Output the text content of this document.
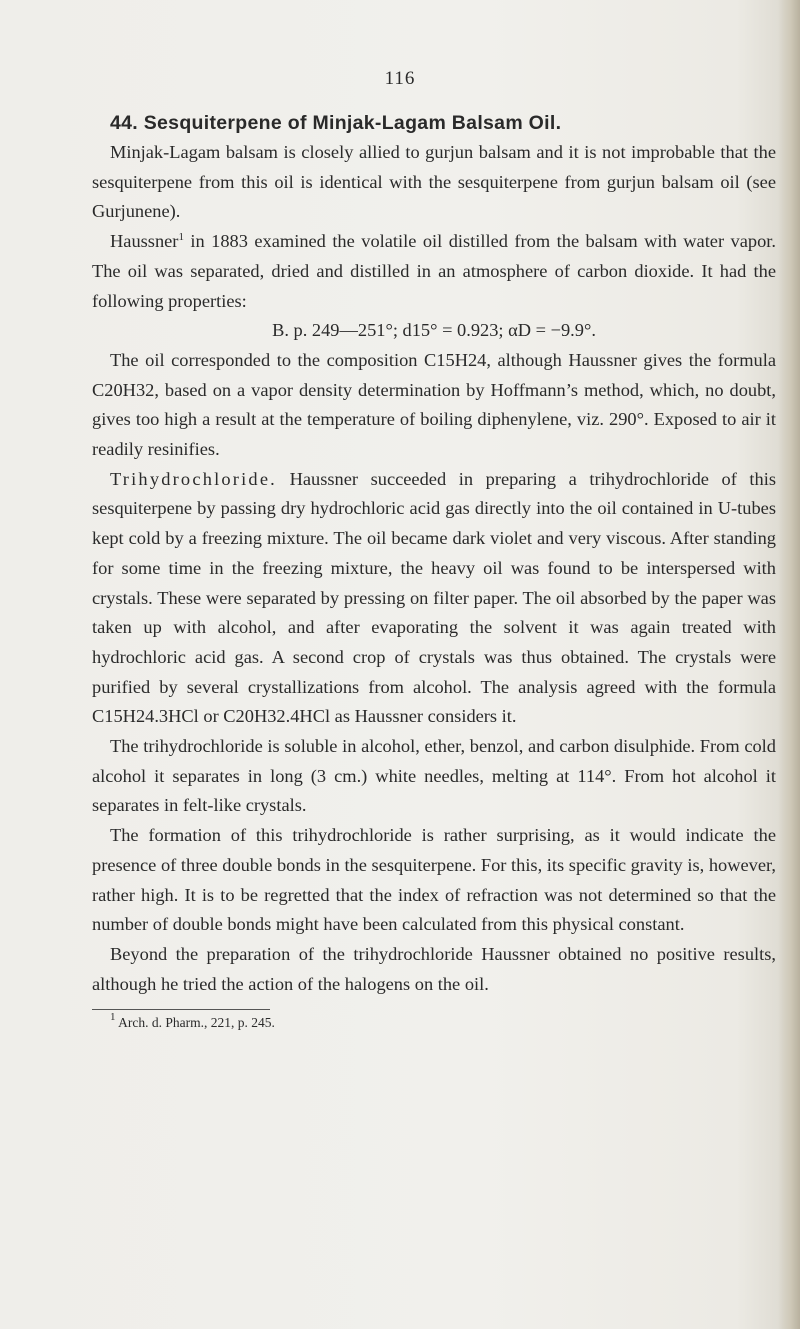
116
44. Sesquiterpene of Minjak-Lagam Balsam Oil.

Minjak-Lagam balsam is closely allied to gurjun balsam and it is not improbable that the sesquiterpene from this oil is identical with the sesquiterpene from gurjun balsam oil (see Gurjunene).

Haussner$^1$ in 1883 examined the volatile oil distilled from the balsam with water vapor. The oil was separated, dried and distilled in an atmosphere of carbon dioxide. It had the following properties:

B. p. 249—251°; d15° = 0.923; αD = −9.9°.

The oil corresponded to the composition C15H24, although Haussner gives the formula C20H32, based on a vapor density determination by Hoffmann’s method, which, no doubt, gives too high a result at the temperature of boiling diphenylene, viz. 290°. Exposed to air it readily resinifies.

Trihydrochloride. Haussner succeeded in preparing a trihydrochloride of this sesquiterpene by passing dry hydrochloric acid gas directly into the oil contained in U-tubes kept cold by a freezing mixture. The oil became dark violet and very viscous. After standing for some time in the freezing mixture, the heavy oil was found to be interspersed with crystals. These were separated by pressing on filter paper. The oil absorbed by the paper was taken up with alcohol, and after evaporating the solvent it was again treated with hydrochloric acid gas. A second crop of crystals was thus obtained. The crystals were purified by several crystallizations from alcohol. The analysis agreed with the formula C15H24.3HCl or C20H32.4HCl as Haussner considers it.

The trihydrochloride is soluble in alcohol, ether, benzol, and carbon disulphide. From cold alcohol it separates in long (3 cm.) white needles, melting at 114°. From hot alcohol it separates in felt-like crystals.

The formation of this trihydrochloride is rather surprising, as it would indicate the presence of three double bonds in the sesquiterpene. For this, its specific gravity is, however, rather high. It is to be regretted that the index of refraction was not determined so that the number of double bonds might have been calculated from this physical constant.

Beyond the preparation of the trihydrochloride Haussner obtained no positive results, although he tried the action of the halogens on the oil.

$^1$ Arch. d. Pharm., 221, p. 245.
